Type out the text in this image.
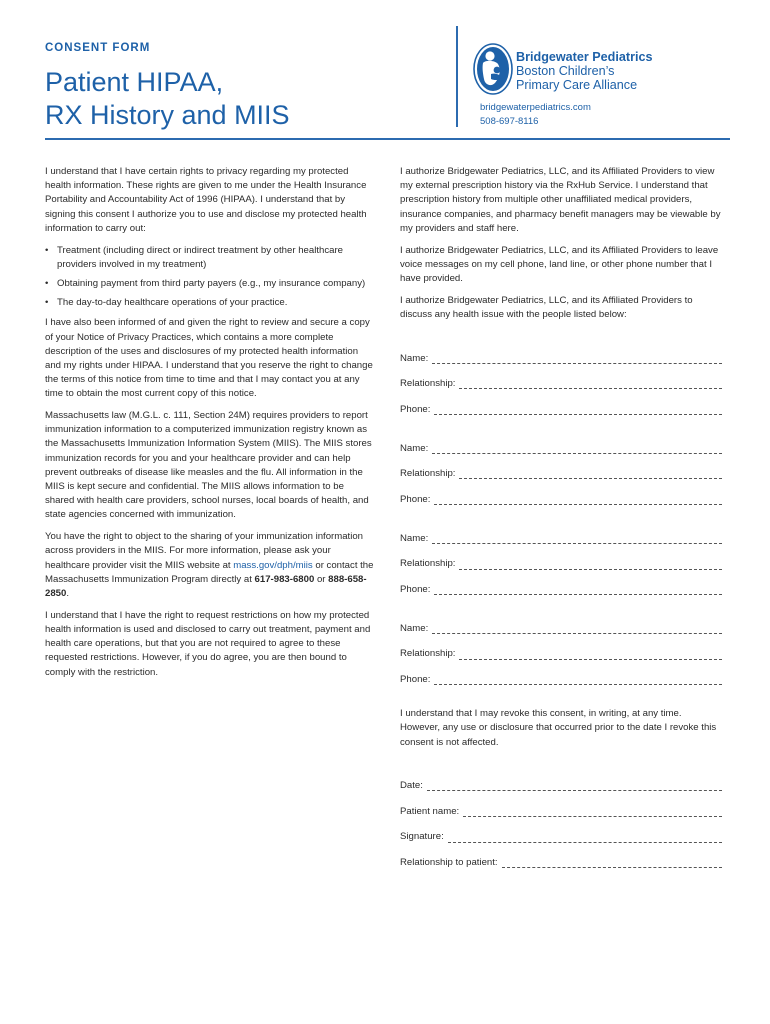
CONSENT FORM
Patient HIPAA,
RX History and MIIS
Bridgewater Pediatrics
Boston Children’s
Primary Care Alliance
bridgewaterpediatrics.com
508-697-8116

I understand that I have certain rights to privacy regarding my protected health information. These rights are given to me under the Health Insurance Portability and Accountability Act of 1996 (HIPAA). I understand that by signing this consent I authorize you to use and disclose my protected health information to carry out:

• Treatment (including direct or indirect treatment by other healthcare providers involved in my treatment)
• Obtaining payment from third party payers (e.g., my insurance company)
• The day-to-day healthcare operations of your practice.

I have also been informed of and given the right to review and secure a copy of your Notice of Privacy Practices, which contains a more complete description of the uses and disclosures of my protected health information and my rights under HIPAA. I understand that you reserve the right to change the terms of this notice from time to time and that I may contact you at any time to obtain the most current copy of this notice.

Massachusetts law (M.G.L. c. 111, Section 24M) requires providers to report immunization information to a computerized immunization registry known as the Massachusetts Immunization Information System (MIIS). The MIIS stores immunization records for you and your healthcare provider and can help prevent outbreaks of disease like measles and the flu. All information in the MIIS is kept secure and confidential. The MIIS allows information to be shared with health care providers, school nurses, local boards of health, and state agencies concerned with immunization.

You have the right to object to the sharing of your immunization information across providers in the MIIS. For more information, please ask your healthcare provider visit the MIIS website at mass.gov/dph/miis or contact the Massachusetts Immunization Program directly at 617-983-6800 or 888-658-2850.

I understand that I have the right to request restrictions on how my protected health information is used and disclosed to carry out treatment, payment and health care operations, but that you are not required to agree to these requested restrictions. However, if you do agree, you are then bound to comply with the restriction.

I authorize Bridgewater Pediatrics, LLC, and its Affiliated Providers to view my external prescription history via the RxHub Service. I understand that prescription history from multiple other unaffiliated medical providers, insurance companies, and pharmacy benefit managers may be viewable by my providers and staff here.

I authorize Bridgewater Pediatrics, LLC, and its Affiliated Providers to leave voice messages on my cell phone, land line, or other phone number that I have provided.

I authorize Bridgewater Pediatrics, LLC, and its Affiliated Providers to discuss any health issue with the people listed below:

Name:
Relationship:
Phone:
Name:
Relationship:
Phone:
Name:
Relationship:
Phone:
Name:
Relationship:
Phone:

I understand that I may revoke this consent, in writing, at any time. However, any use or disclosure that occurred prior to the date I revoke this consent is not affected.

Date:
Patient name:
Signature:
Relationship to patient:
